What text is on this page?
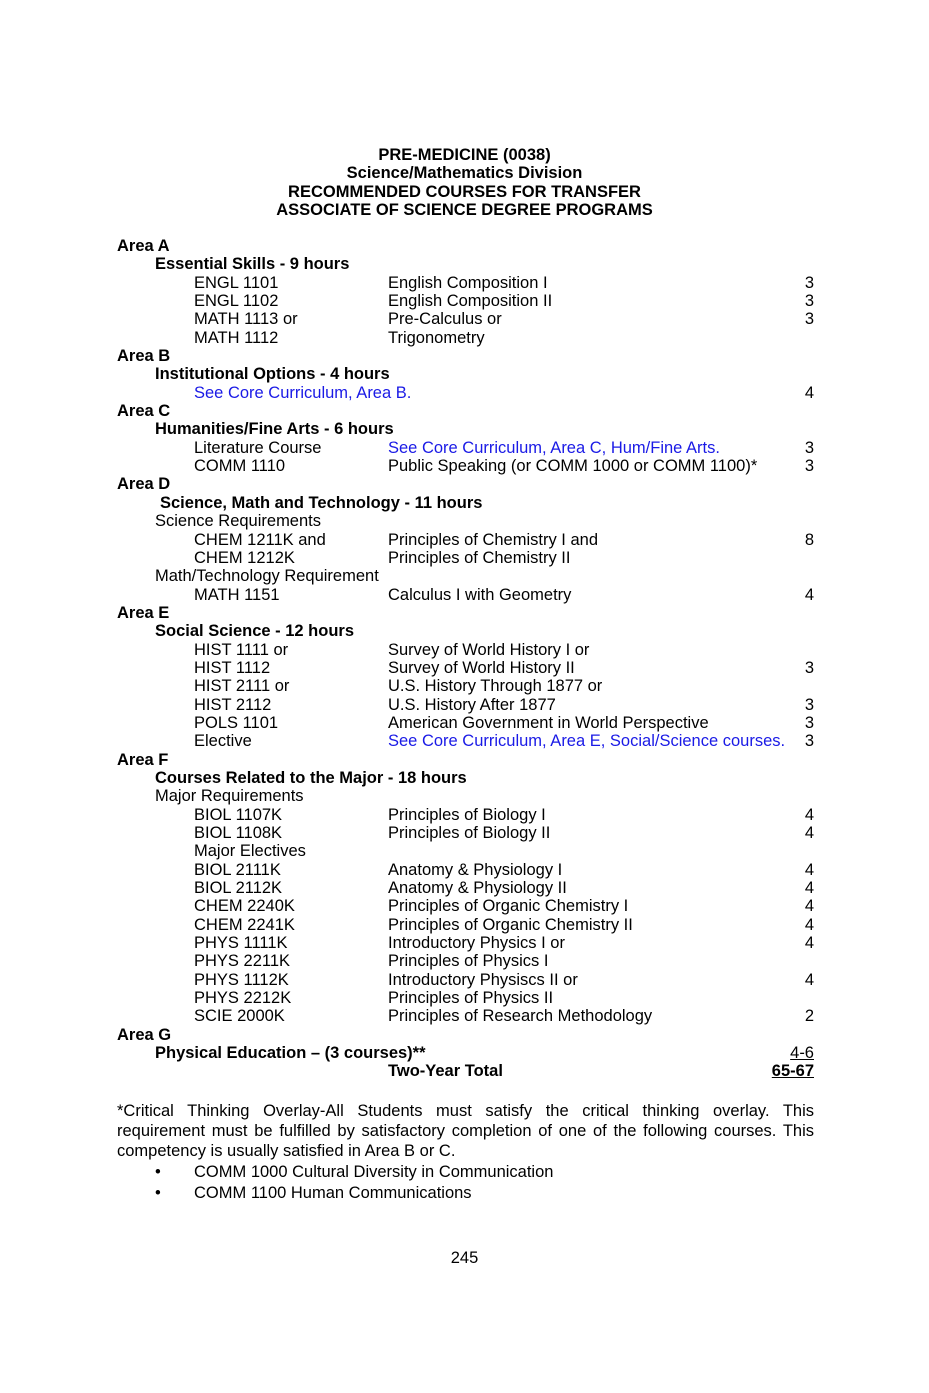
PRE-MEDICINE (0038)
Science/Mathematics Division
RECOMMENDED COURSES FOR TRANSFER
ASSOCIATE OF SCIENCE DEGREE PROGRAMS
Area A
Essential Skills - 9 hours
ENGL 1101	English Composition I	3
ENGL 1102	English Composition II	3
MATH 1113 or	Pre-Calculus or	3
MATH 1112	Trigonometry
Area B
Institutional Options - 4 hours
See Core Curriculum, Area B.	4
Area C
Humanities/Fine Arts - 6 hours
Literature Course	See Core Curriculum, Area C, Hum/Fine Arts.	3
COMM 1110	Public Speaking (or COMM 1000 or COMM 1100)*	3
Area D
Science, Math and Technology - 11 hours
Science Requirements
CHEM 1211K and	Principles of Chemistry I and	8
CHEM 1212K	Principles of Chemistry II
Math/Technology Requirement
MATH 1151	Calculus I with Geometry	4
Area E
Social Science - 12 hours
HIST 1111 or	Survey of World History I or
HIST 1112	Survey of World History II	3
HIST 2111 or	U.S. History Through 1877 or
HIST 2112	U.S. History After 1877	3
POLS 1101	American Government in World Perspective	3
Elective	See Core Curriculum, Area E, Social/Science courses. 3
Area F
Courses Related to the Major - 18 hours
Major Requirements
BIOL 1107K	Principles of Biology I	4
BIOL 1108K	Principles of Biology II	4
Major Electives
BIOL 2111K	Anatomy & Physiology I	4
BIOL 2112K	Anatomy & Physiology II	4
CHEM 2240K	Principles of Organic Chemistry I	4
CHEM 2241K	Principles of Organic Chemistry II	4
PHYS 1111K	Introductory Physics I or	4
PHYS 2211K	Principles of Physics I
PHYS 1112K	Introductory Physiscs II or	4
PHYS 2212K	Principles of Physics II
SCIE 2000K	Principles of Research Methodology	2
Area G
Physical Education – (3 courses)**	4-6
Two-Year Total	65-67
*Critical Thinking Overlay-All Students must satisfy the critical thinking overlay. This requirement must be fulfilled by satisfactory completion of one of the following courses. This competency is usually satisfied in Area B or C.
• COMM 1000 Cultural Diversity in Communication
• COMM 1100 Human Communications
245
